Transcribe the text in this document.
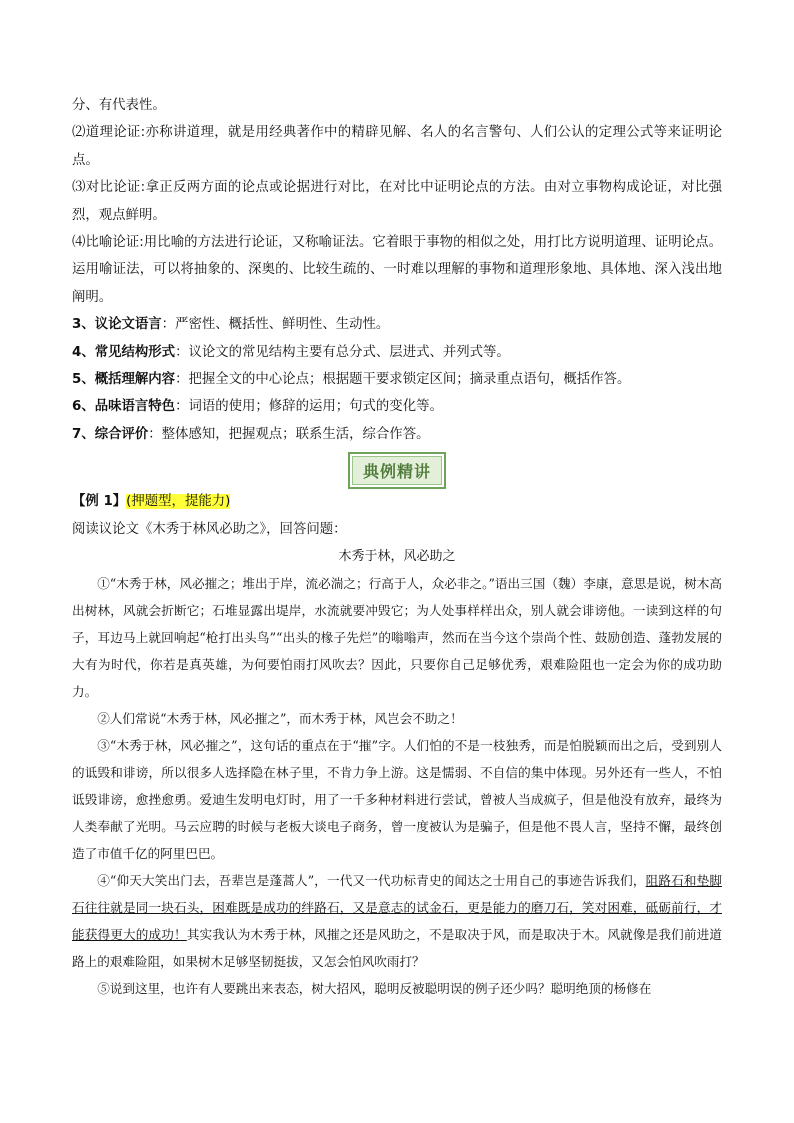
分、有代表性。

⑵道理论证:亦称讲道理，就是用经典著作中的精辟见解、名人的名言警句、人们公认的定理公式等来证明论点。

⑶对比论证:拿正反两方面的论点或论据进行对比，在对比中证明论点的方法。由对立事物构成论证，对比强烈，观点鲜明。

⑷比喻论证:用比喻的方法进行论证，又称喻证法。它着眼于事物的相似之处，用打比方说明道理、证明论点。运用喻证法，可以将抽象的、深奥的、比较生疏的、一时难以理解的事物和道理形象地、具体地、深入浅出地阐明。

3、议论文语言：严密性、概括性、鲜明性、生动性。

4、常见结构形式：议论文的常见结构主要有总分式、层进式、并列式等。

5、概括理解内容：把握全文的中心论点；根据题干要求锁定区间；摘录重点语句，概括作答。

6、品味语言特色：词语的使用；修辞的运用；句式的变化等。

7、综合评价：整体感知，把握观点；联系生活，综合作答。

典例精讲

【例 1】(押题型，提能力)

阅读议论文《木秀于林风必助之》，回答问题：

木秀于林，风必助之

①“木秀于林，风必摧之；堆出于岸，流必湍之；行高于人，众必非之。”语出三国（魏）李康，意思是说，树木高出树林，风就会折断它；石堆显露出堤岸，水流就要冲毁它；为人处事样样出众，别人就会诽谤他。一读到这样的句子，耳边马上就回响起“枪打出头鸟”“出头的椽子先烂”的嗡嗡声，然而在当今这个崇尚个性、鼓励创造、蓬勃发展的大有为时代，你若是真英雄，为何要怕雨打风吹去？因此，只要你自己足够优秀，艰难险阻也一定会为你的成功助力。

②人们常说“木秀于林，风必摧之”，而木秀于林，风岂会不助之！

③“木秀于林，风必摧之”，这句话的重点在于“摧”字。人们怕的不是一枝独秀，而是怕脱颖而出之后，受到别人的诋毁和诽谤，所以很多人选择隐在林子里，不肯力争上游。这是懦弱、不自信的集中体现。另外还有一些人，不怕诋毁诽谤，愈挫愈勇。爱迪生发明电灯时，用了一千多种材料进行尝试，曾被人当成疯子，但是他没有放弃，最终为人类奉献了光明。马云应聘的时候与老板大谈电子商务，曾一度被认为是骗子，但是他不畏人言，坚持不懈，最终创造了市值千亿的阿里巴巴。

④“仰天大笑出门去，吾辈岂是蓬蒿人”，一代又一代功标青史的闻达之士用自己的事迹告诉我们，阻路石和垫脚石往往就是同一块石头，困难既是成功的绊路石，又是意志的试金石，更是能力的磨刀石，笑对困难，砥砺前行，才能获得更大的成功！其实我认为木秀于林，风摧之还是风助之，不是取决于风，而是取决于木。风就像是我们前进道路上的艰难险阻，如果树木足够坚韧挺拔，又怎会怕风吹雨打？

⑤说到这里，也许有人要跳出来表态，树大招风，聪明反被聪明误的例子还少吗？聪明绝顶的杨修在
